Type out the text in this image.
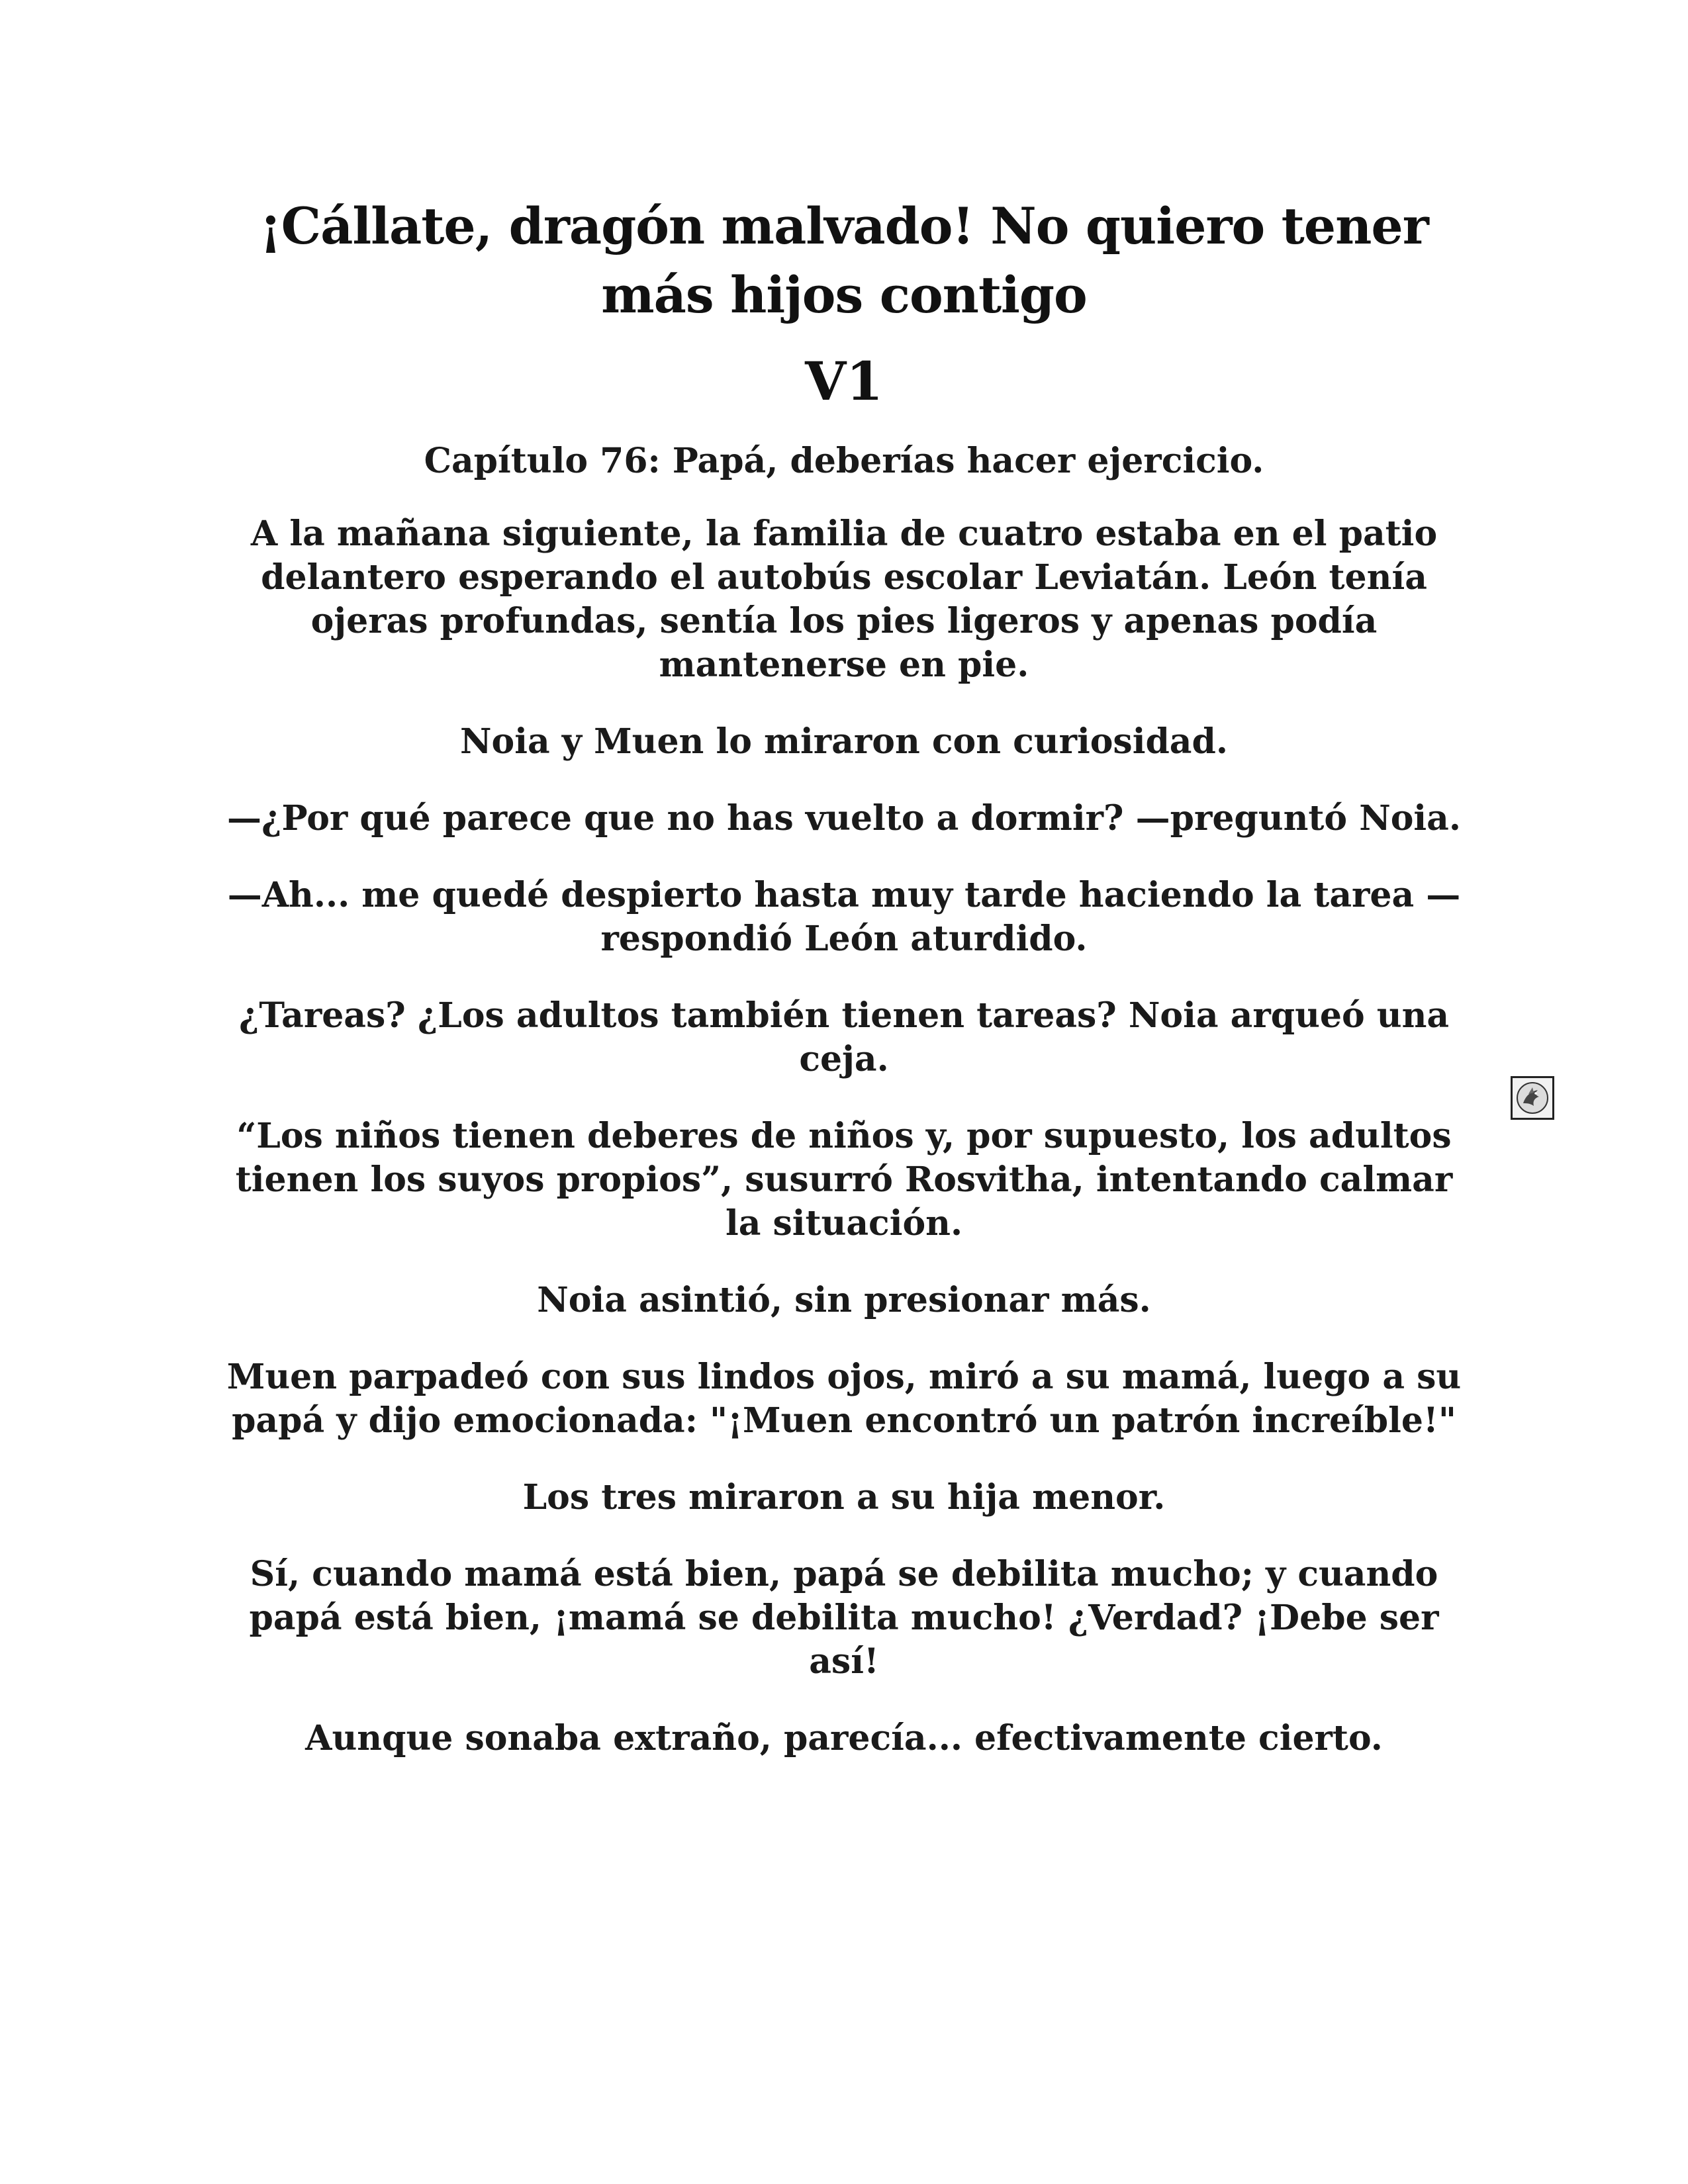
¡Cállate, dragón malvado! No quiero tener
más hijos contigo
V1

Capítulo 76: Papá, deberías hacer ejercicio.

A la mañana siguiente, la familia de cuatro estaba en el patio delantero esperando el autobús escolar Leviatán. León tenía ojeras profundas, sentía los pies ligeros y apenas podía mantenerse en pie.

Noia y Muen lo miraron con curiosidad.

—¿Por qué parece que no has vuelto a dormir? —preguntó Noia.

—Ah... me quedé despierto hasta muy tarde haciendo la tarea —respondió León aturdido.

¿Tareas? ¿Los adultos también tienen tareas? Noia arqueó una ceja.

“Los niños tienen deberes de niños y, por supuesto, los adultos tienen los suyos propios”, susurró Rosvitha, intentando calmar la situación.

Noia asintió, sin presionar más.

Muen parpadeó con sus lindos ojos, miró a su mamá, luego a su papá y dijo emocionada: "¡Muen encontró un patrón increíble!"

Los tres miraron a su hija menor.

Sí, cuando mamá está bien, papá se debilita mucho; y cuando papá está bien, ¡mamá se debilita mucho! ¿Verdad? ¡Debe ser así!

Aunque sonaba extraño, parecía... efectivamente cierto.
